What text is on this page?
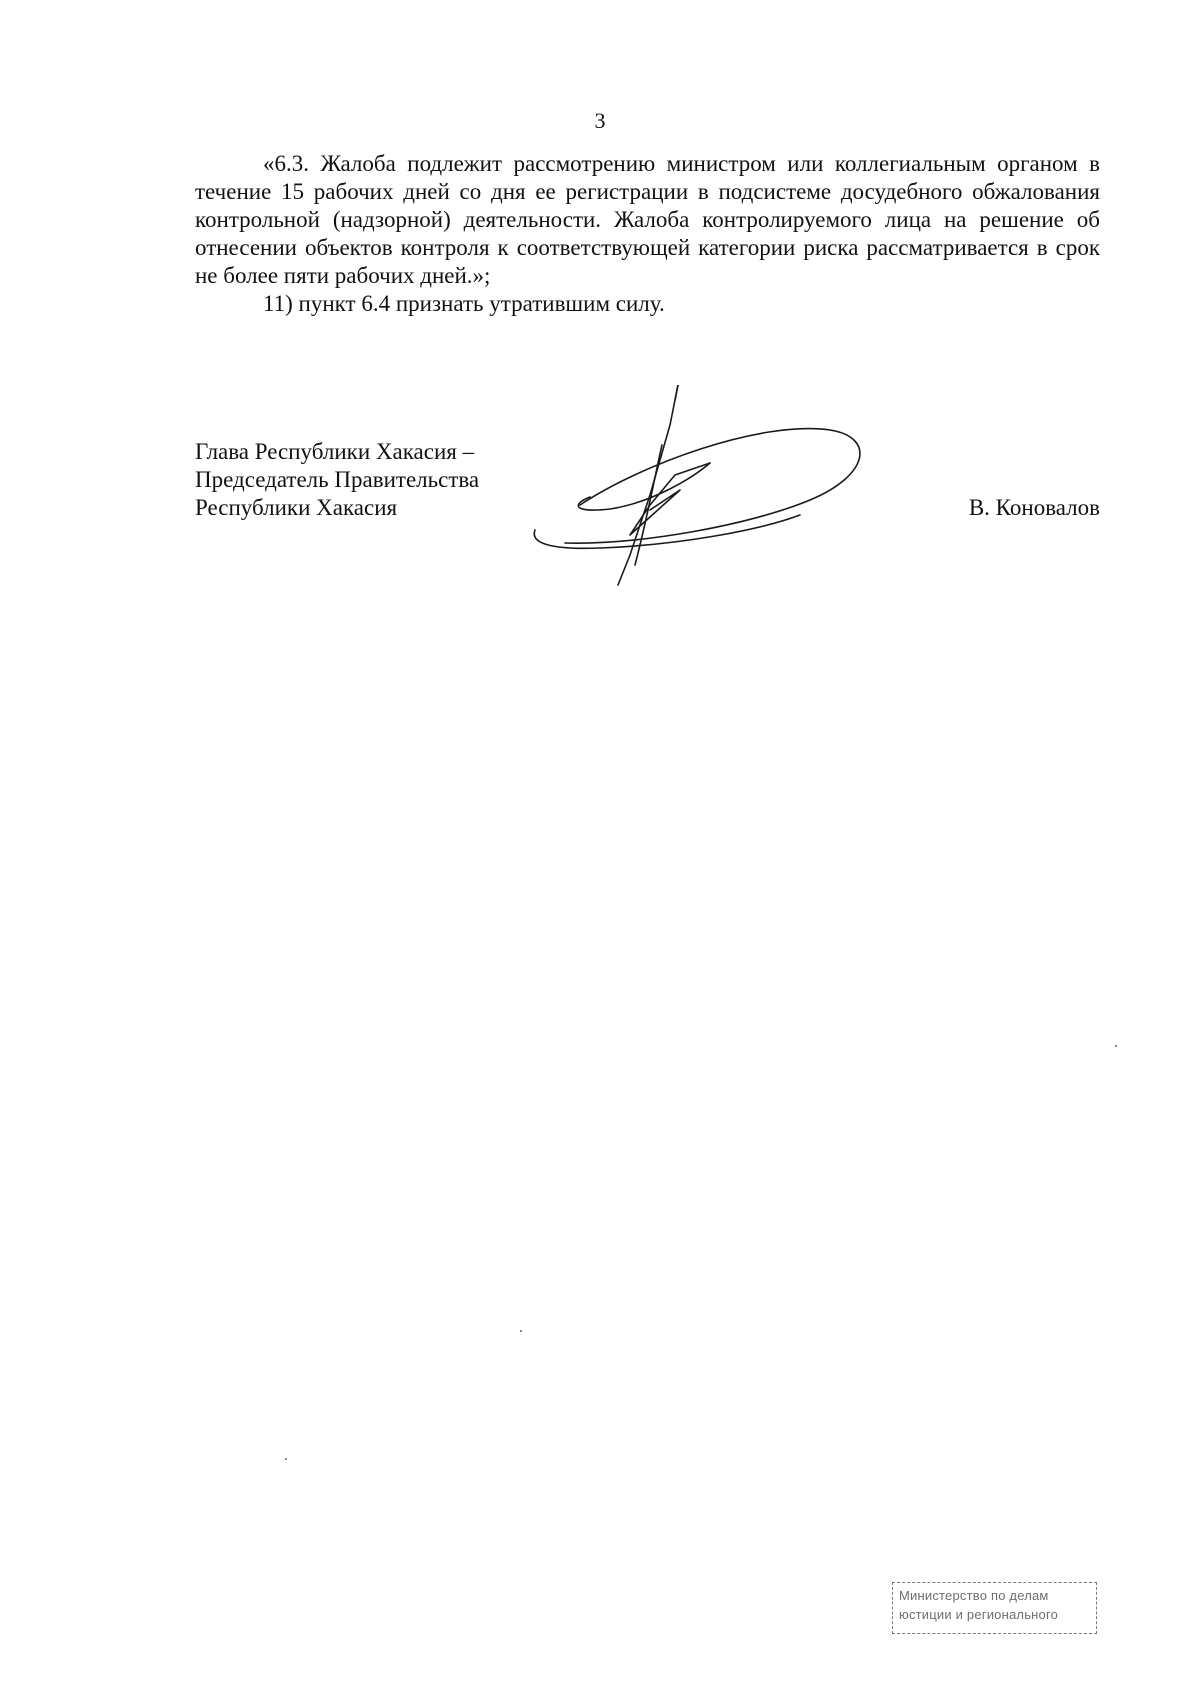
3

«6.3. Жалоба подлежит рассмотрению министром или коллегиальным органом в течение 15 рабочих дней со дня ее регистрации в подсистеме досудебного обжалования контрольной (надзорной) деятельности. Жалоба контролируемого лица на решение об отнесении объектов контроля к соответствующей категории риска рассматривается в срок не более пяти рабочих дней.»;

11) пункт 6.4 признать утратившим силу.

Глава Республики Хакасия –
Председатель Правительства
Республики Хакасия	В. Коновалов
Министерство по делам
юстиции и регионального
